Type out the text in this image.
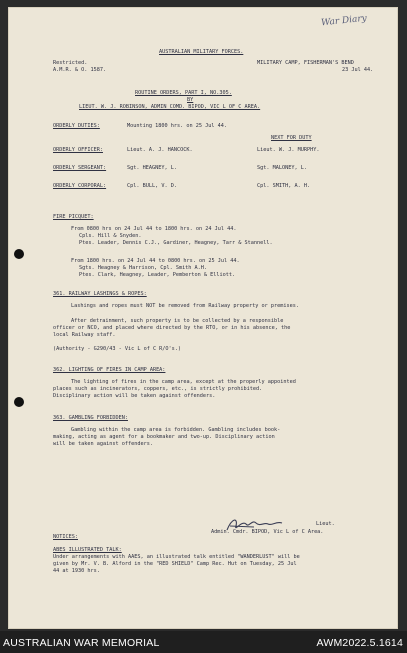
War Diary
AUSTRALIAN MILITARY FORCES.
Restricted.
A.M.R. & O. 1587.
MILITARY CAMP, FISHERMAN'S BEND
23 Jul 44.
ROUTINE ORDERS, PART I, NO.305.
BY
LIEUT. W. J. ROBINSON, ADMIN COMD. BIPOD, VIC L OF C AREA.
ORDERLY DUTIES:	Mounting 1800 hrs. on 25 Jul 44.
NEXT FOR DUTY
ORDERLY OFFICER:	Lieut. A. J. HANCOCK.	Lieut. W. J. MURPHY.
ORDERLY SERGEANT:	Sgt. HEAGNEY, L.	Sgt. MALONEY, L.
ORDERLY CORPORAL:	Cpl. BULL, V. D.	Cpl. SMITH, A. H.
FIRE PICQUET:
From 0800 hrs on 24 Jul 44 to 1800 hrs. on 24 Jul 44.
Cpls. Hill & Snyden.
Ptes. Leader, Dennis C.J., Gardiner, Heagney, Tarr & Stannell.
From 1800 hrs. on 24 Jul 44 to 0800 hrs. on 25 Jul 44.
Sgts. Heagney & Harrison, Cpl. Smith A.H.
Ptes. Clark, Heagney, Leader, Pemberton & Elliott.
361. RAILWAY LASHINGS & ROPES:
Lashings and ropes must NOT be removed from Railway property or premises.
After detrainment, such property is to be collected by a responsible
officer or NCO, and placed where directed by the RTO, or in his absence, the
local Railway staff.
(Authority - G290/43 - Vic L of C R/O's.)
362. LIGHTING OF FIRES IN CAMP AREA:
The lighting of fires in the camp area, except at the properly appointed
places such as incinerators, coppers, etc., is strictly prohibited.
Disciplinary action will be taken against offenders.
363. GAMBLING FORBIDDEN:
Gambling within the camp area is forbidden. Gambling includes book-
making, acting as agent for a bookmaker and two-up. Disciplinary action
will be taken against offenders.
Lieut.
Admin. Cmdr. BIPOD, Vic L of C Area.
NOTICES:
ABES ILLUSTRATED TALK:
Under arrangements with AAES, an illustrated talk entitled "WANDERLUST" will be
given by Mr. V. B. Alford in the "RED SHIELD" Camp Rec. Hut on Tuesday, 25 Jul
44 at 1930 hrs.
AUSTRALIAN WAR MEMORIAL	AWM2022.5.1614
